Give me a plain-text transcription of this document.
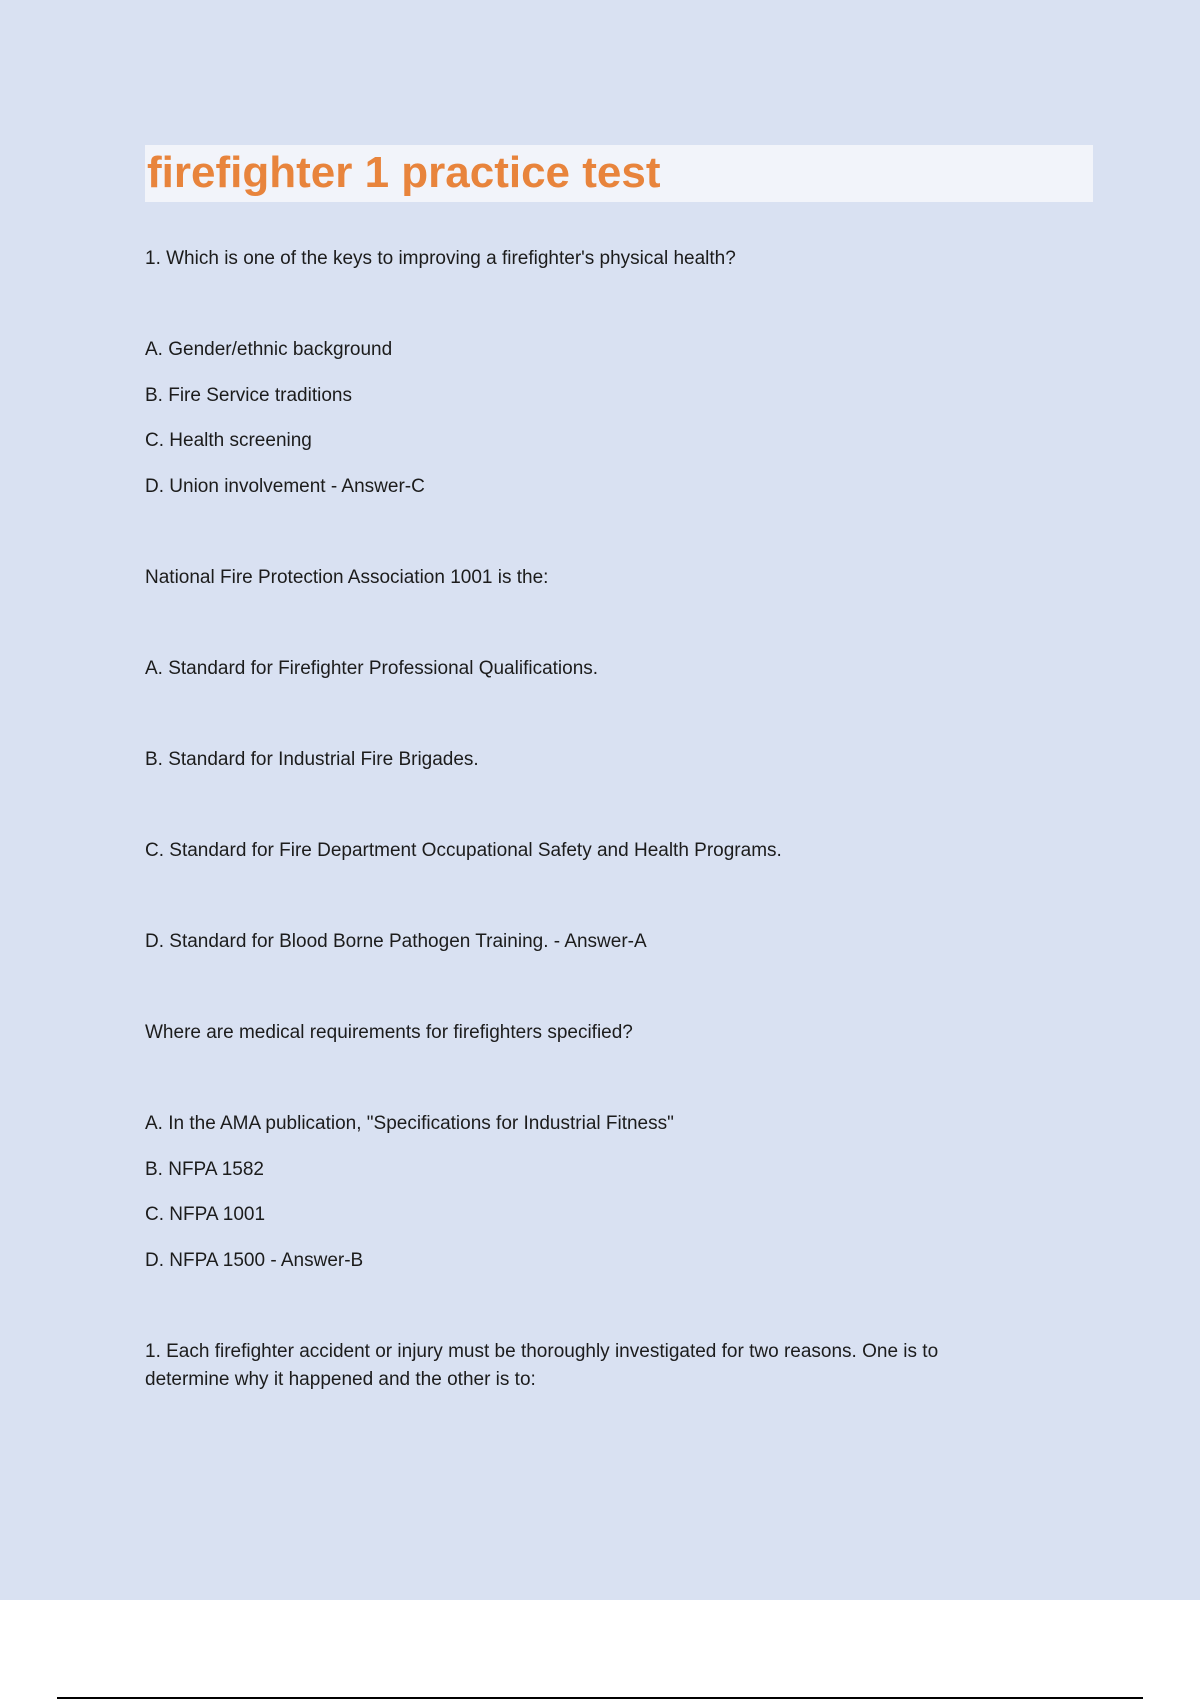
firefighter 1 practice test

1. Which is one of the keys to improving a firefighter's physical health?

A. Gender/ethnic background

B. Fire Service traditions

C. Health screening

D. Union involvement - Answer-C

National Fire Protection Association 1001 is the:

A. Standard for Firefighter Professional Qualifications.

B. Standard for Industrial Fire Brigades.

C. Standard for Fire Department Occupational Safety and Health Programs.

D. Standard for Blood Borne Pathogen Training. - Answer-A

Where are medical requirements for firefighters specified?

A. In the AMA publication, "Specifications for Industrial Fitness"

B. NFPA 1582

C. NFPA 1001

D. NFPA 1500 - Answer-B

1. Each firefighter accident or injury must be thoroughly investigated for two reasons. One is to determine why it happened and the other is to:
